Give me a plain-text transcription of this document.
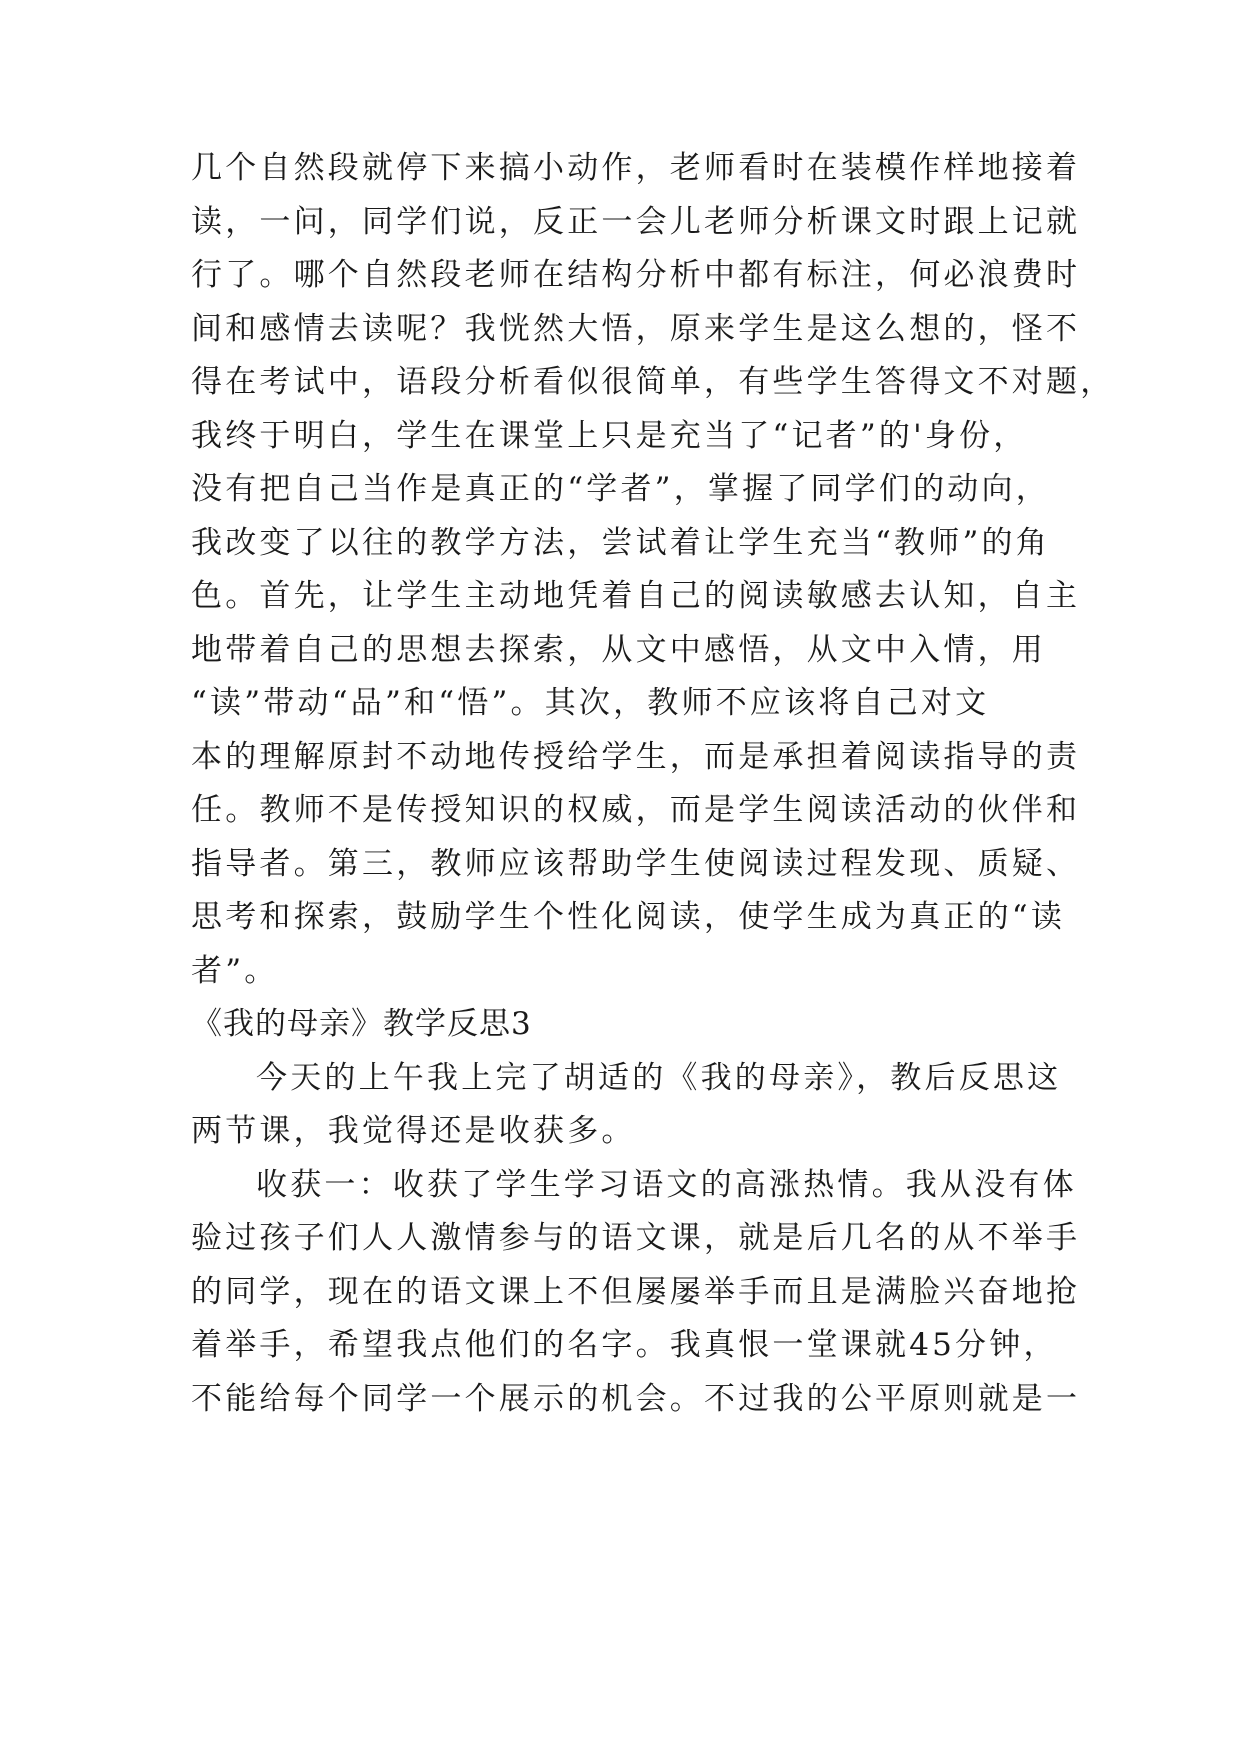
几个自然段就停下来搞小动作，老师看时在装模作样地接着
读，一问，同学们说，反正一会儿老师分析课文时跟上记就
行了。哪个自然段老师在结构分析中都有标注，何必浪费时
间和感情去读呢？我恍然大悟，原来学生是这么想的，怪不
得在考试中，语段分析看似很简单，有些学生答得文不对题，
我终于明白，学生在课堂上只是充当了“记者”的'身份，
没有把自己当作是真正的“学者”，掌握了同学们的动向，
我改变了以往的教学方法，尝试着让学生充当“教师”的角
色。首先，让学生主动地凭着自己的阅读敏感去认知，自主
地带着自己的思想去探索，从文中感悟，从文中入情，用
“读”带动“品”和“悟”。其次，教师不应该将自己对文
本的理解原封不动地传授给学生，而是承担着阅读指导的责
任。教师不是传授知识的权威，而是学生阅读活动的伙伴和
指导者。第三，教师应该帮助学生使阅读过程发现、质疑、
思考和探索，鼓励学生个性化阅读，使学生成为真正的“读
者”。
《我的母亲》教学反思3
今天的上午我上完了胡适的《我的母亲》，教后反思这
两节课，我觉得还是收获多。
收获一：收获了学生学习语文的高涨热情。我从没有体
验过孩子们人人激情参与的语文课，就是后几名的从不举手
的同学，现在的语文课上不但屡屡举手而且是满脸兴奋地抢
着举手，希望我点他们的名字。我真恨一堂课就45分钟，
不能给每个同学一个展示的机会。不过我的公平原则就是一
